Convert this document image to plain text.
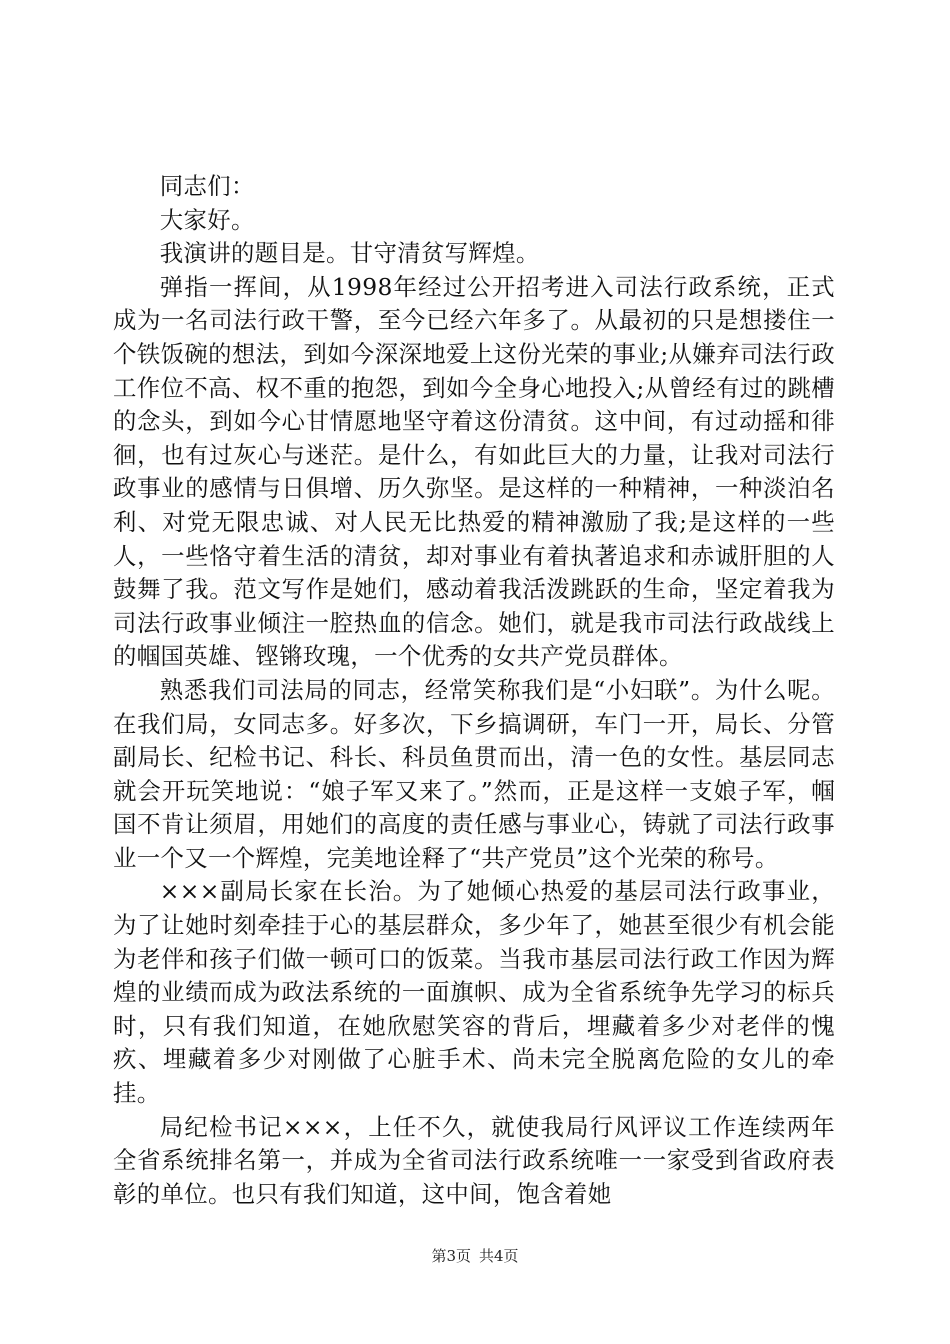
同志们：

大家好。

我演讲的题目是。甘守清贫写辉煌。

弹指一挥间，从1998年经过公开招考进入司法行政系统，正式成为一名司法行政干警，至今已经六年多了。从最初的只是想搂住一个铁饭碗的想法，到如今深深地爱上这份光荣的事业;从嫌弃司法行政工作位不高、权不重的抱怨，到如今全身心地投入;从曾经有过的跳槽的念头，到如今心甘情愿地坚守着这份清贫。这中间，有过动摇和徘徊，也有过灰心与迷茫。是什么，有如此巨大的力量，让我对司法行政事业的感情与日俱增、历久弥坚。是这样的一种精神，一种淡泊名利、对党无限忠诚、对人民无比热爱的精神激励了我;是这样的一些人，一些恪守着生活的清贫，却对事业有着执著追求和赤诚肝胆的人鼓舞了我。范文写作是她们，感动着我活泼跳跃的生命，坚定着我为司法行政事业倾注一腔热血的信念。她们，就是我市司法行政战线上的帼国英雄、铿锵玫瑰，一个优秀的女共产党员群体。

熟悉我们司法局的同志，经常笑称我们是“小妇联”。为什么呢。在我们局，女同志多。好多次，下乡搞调研，车门一开，局长、分管副局长、纪检书记、科长、科员鱼贯而出，清一色的女性。基层同志就会开玩笑地说：“娘子军又来了。”然而，正是这样一支娘子军，帼国不肯让须眉，用她们的高度的责任感与事业心，铸就了司法行政事业一个又一个辉煌，完美地诠释了“共产党员”这个光荣的称号。

×××副局长家在长治。为了她倾心热爱的基层司法行政事业，为了让她时刻牵挂于心的基层群众，多少年了，她甚至很少有机会能为老伴和孩子们做一顿可口的饭菜。当我市基层司法行政工作因为辉煌的业绩而成为政法系统的一面旗帜、成为全省系统争先学习的标兵时，只有我们知道，在她欣慰笑容的背后，埋藏着多少对老伴的愧疚、埋藏着多少对刚做了心脏手术、尚未完全脱离危险的女儿的牵挂。

局纪检书记×××，上任不久，就使我局行风评议工作连续两年全省系统排名第一，并成为全省司法行政系统唯一一家受到省政府表彰的单位。也只有我们知道，这中间，饱含着她

第3页 共4页
